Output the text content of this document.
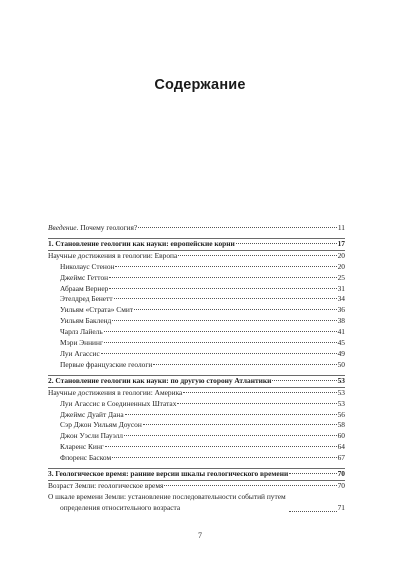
Содержание
Введение. Почему геология?	11
1. Становление геологии как науки: европейские корни	17
Научные достижения в геологии: Европа	20
Николаус Стенон	20
Джеймс Геттон	25
Абраам Вернер	31
Этелдред Бенетт	34
Уильям «Страта» Смит	36
Уильям Бакленд	38
Чарлз Лайель	41
Мэри Эннинг	45
Луи Агассис	49
Первые французские геологи	50
2. Становление геологии как науки: по другую сторону Атлантики	53
Научные достижения в геологии: Америка	53
Луи Агассис в Соединенных Штатах	53
Джеймс Дуайт Дана	56
Сэр Джон Уильям Доусон	58
Джон Уэсли Пауэлл	60
Кларенс Кинг	64
Флоренс Баском	67
3. Геологическое время: ранние версии шкалы геологического времени	70
Возраст Земли: геологическое время	70
О шкале времени Земли: установление последовательности событий путем
определения относительного возраста	71
7
